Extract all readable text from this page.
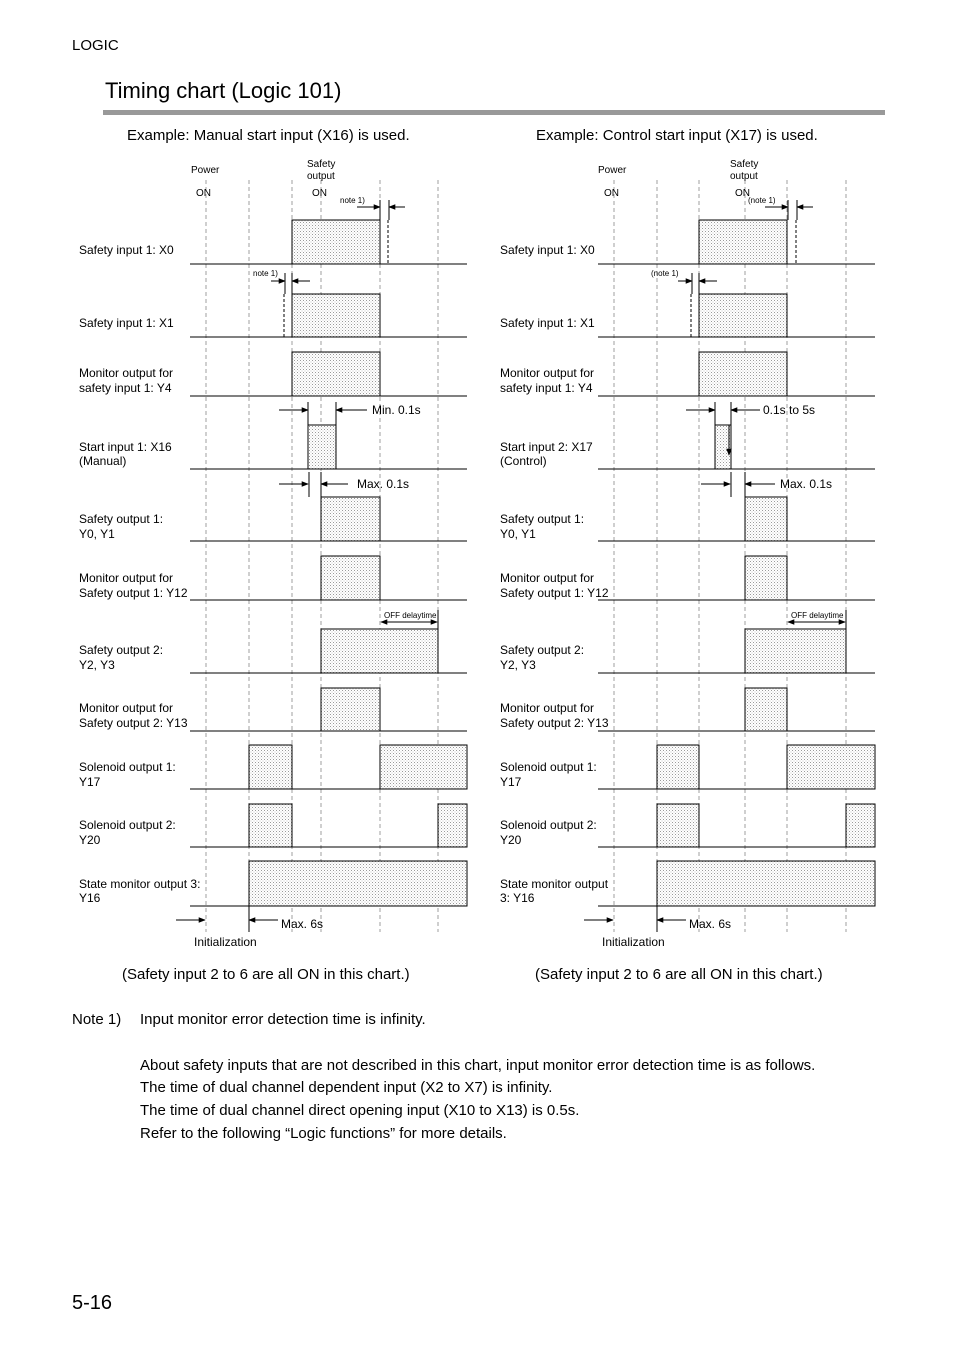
LOGIC
Timing chart (Logic 101)
Example: Manual start input (X16) is used.	Example: Control start input (X17) is used.
Power
ON
Safety
output
ON
Safety input 1: X0
Safety input 1: X1
Monitor output for
safety input 1: Y4
Start input 1: X16
(Manual)
Safety output 1:
Y0, Y1
Monitor output for
Safety output 1: Y12
Safety output 2:
Y2, Y3
Monitor output for
Safety output 2: Y13
Solenoid output 1:
Y17
Solenoid output 2:
Y20
State monitor output 3:
Y16
note 1)
note 1)
Min. 0.1s
Max. 0.1s
OFF delaytime
Max. 6s
Initialization
Power
ON
Safety
output
ON
Safety input 1: X0
Safety input 1: X1
Monitor output for
safety input 1: Y4
Start input 2: X17
(Control)
Safety output 1:
Y0, Y1
Monitor output for
Safety output 1: Y12
Safety output 2:
Y2, Y3
Monitor output for
Safety output 2: Y13
Solenoid output 1:
Y17
Solenoid output 2:
Y20
State monitor output
3: Y16
(note 1)
(note 1)
0.1s to 5s
Max. 0.1s
OFF delaytime
Max. 6s
Initialization
(Safety input 2 to 6 are all ON in this chart.)	(Safety input 2 to 6 are all ON in this chart.)
Note 1) Input monitor error detection time is infinity.
About safety inputs that are not described in this chart, input monitor error detection time is as follows.
The time of dual channel dependent input (X2 to X7) is infinity.
The time of dual channel direct opening input (X10 to X13) is 0.5s.
Refer to the following “Logic functions” for more details.
5-16
